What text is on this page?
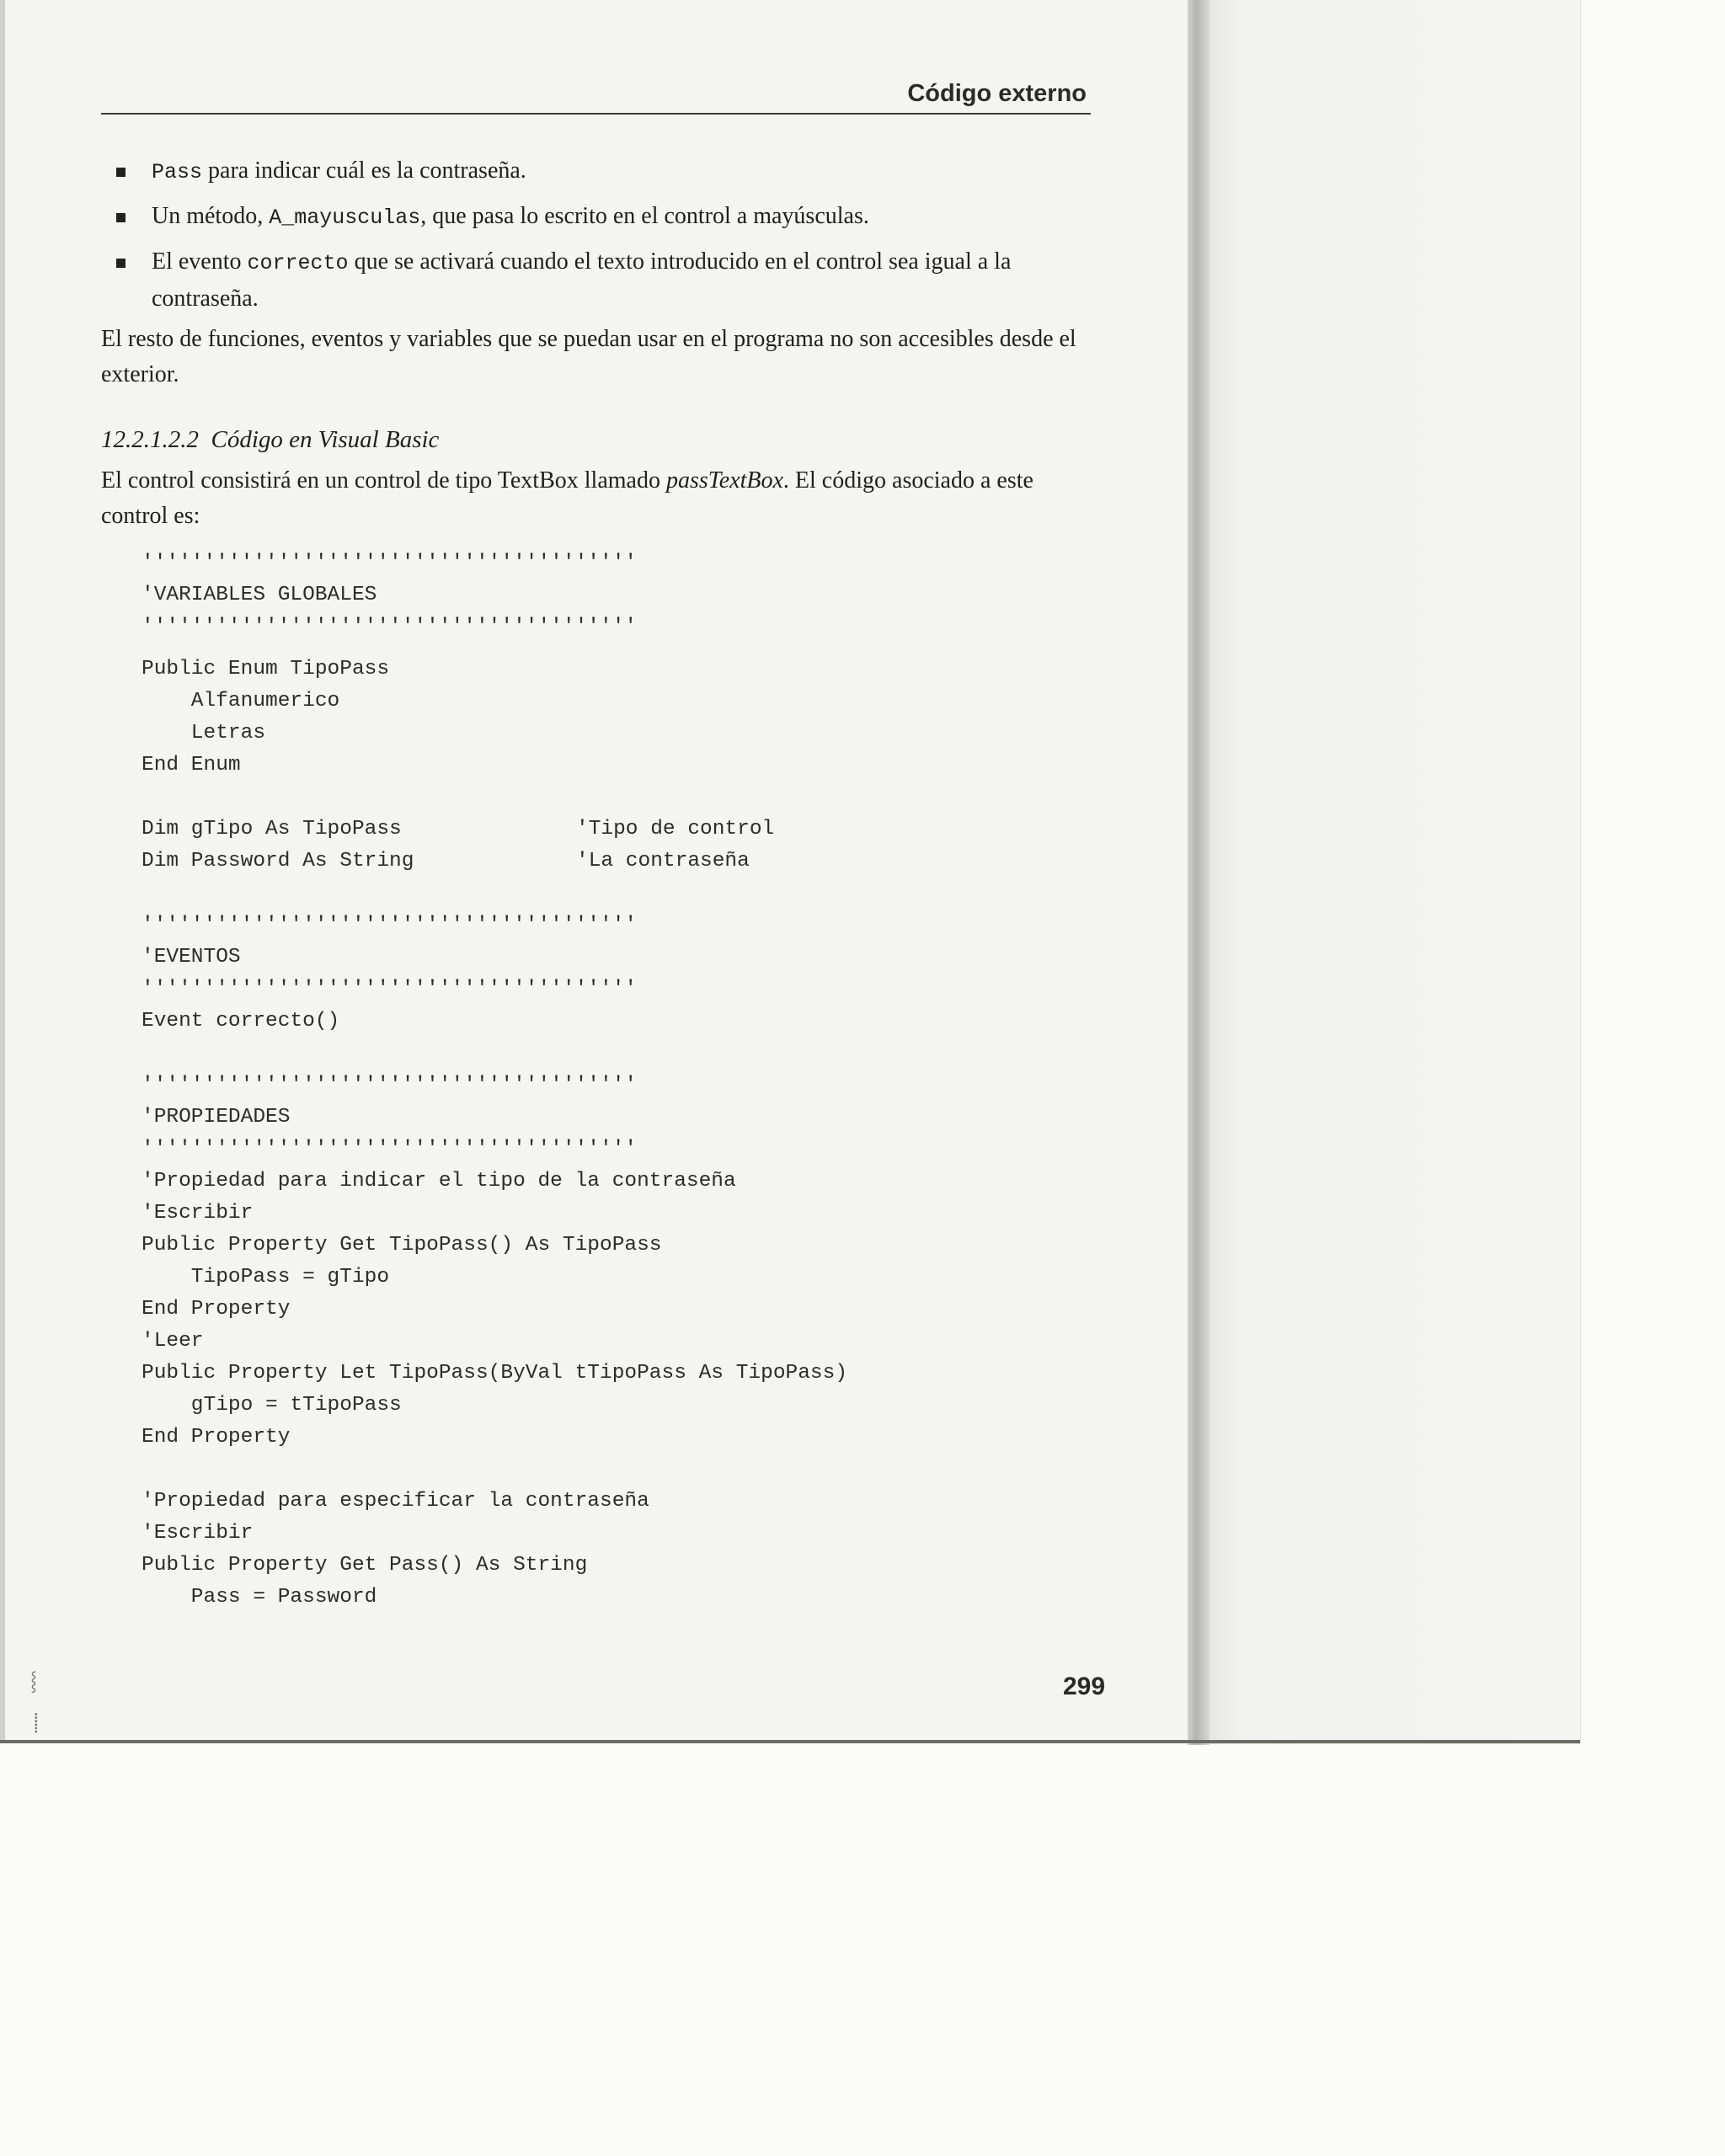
Código externo
Pass para indicar cuál es la contraseña.
Un método, A_mayusculas, que pasa lo escrito en el control a mayúsculas.
El evento correcto que se activará cuando el texto introducido en el control sea igual a la contraseña.
El resto de funciones, eventos y variables que se puedan usar en el programa no son accesibles desde el exterior.
12.2.1.2.2 Código en Visual Basic
El control consistirá en un control de tipo TextBox llamado passTextBox. El código asociado a este control es:
''''''''''''''''''''''''''''''''''''''''
'VARIABLES GLOBALES
''''''''''''''''''''''''''''''''''''''''
Public Enum TipoPass
Alfanumerico
Letras
End Enum
Dim gTipo As TipoPass	'Tipo de control
Dim Password As String	'La contraseña
''''''''''''''''''''''''''''''''''''''''
'EVENTOS
''''''''''''''''''''''''''''''''''''''''
Event correcto()
''''''''''''''''''''''''''''''''''''''''
'PROPIEDADES
''''''''''''''''''''''''''''''''''''''''
'Propiedad para indicar el tipo de la contraseña
'Escribir
Public Property Get TipoPass() As TipoPass
TipoPass = gTipo
End Property
'Leer
Public Property Let TipoPass(ByVal tTipoPass As TipoPass)
gTipo = tTipoPass
End Property
'Propiedad para especificar la contraseña
'Escribir
Public Property Get Pass() As String
Pass = Password
299
⸾
⸽
